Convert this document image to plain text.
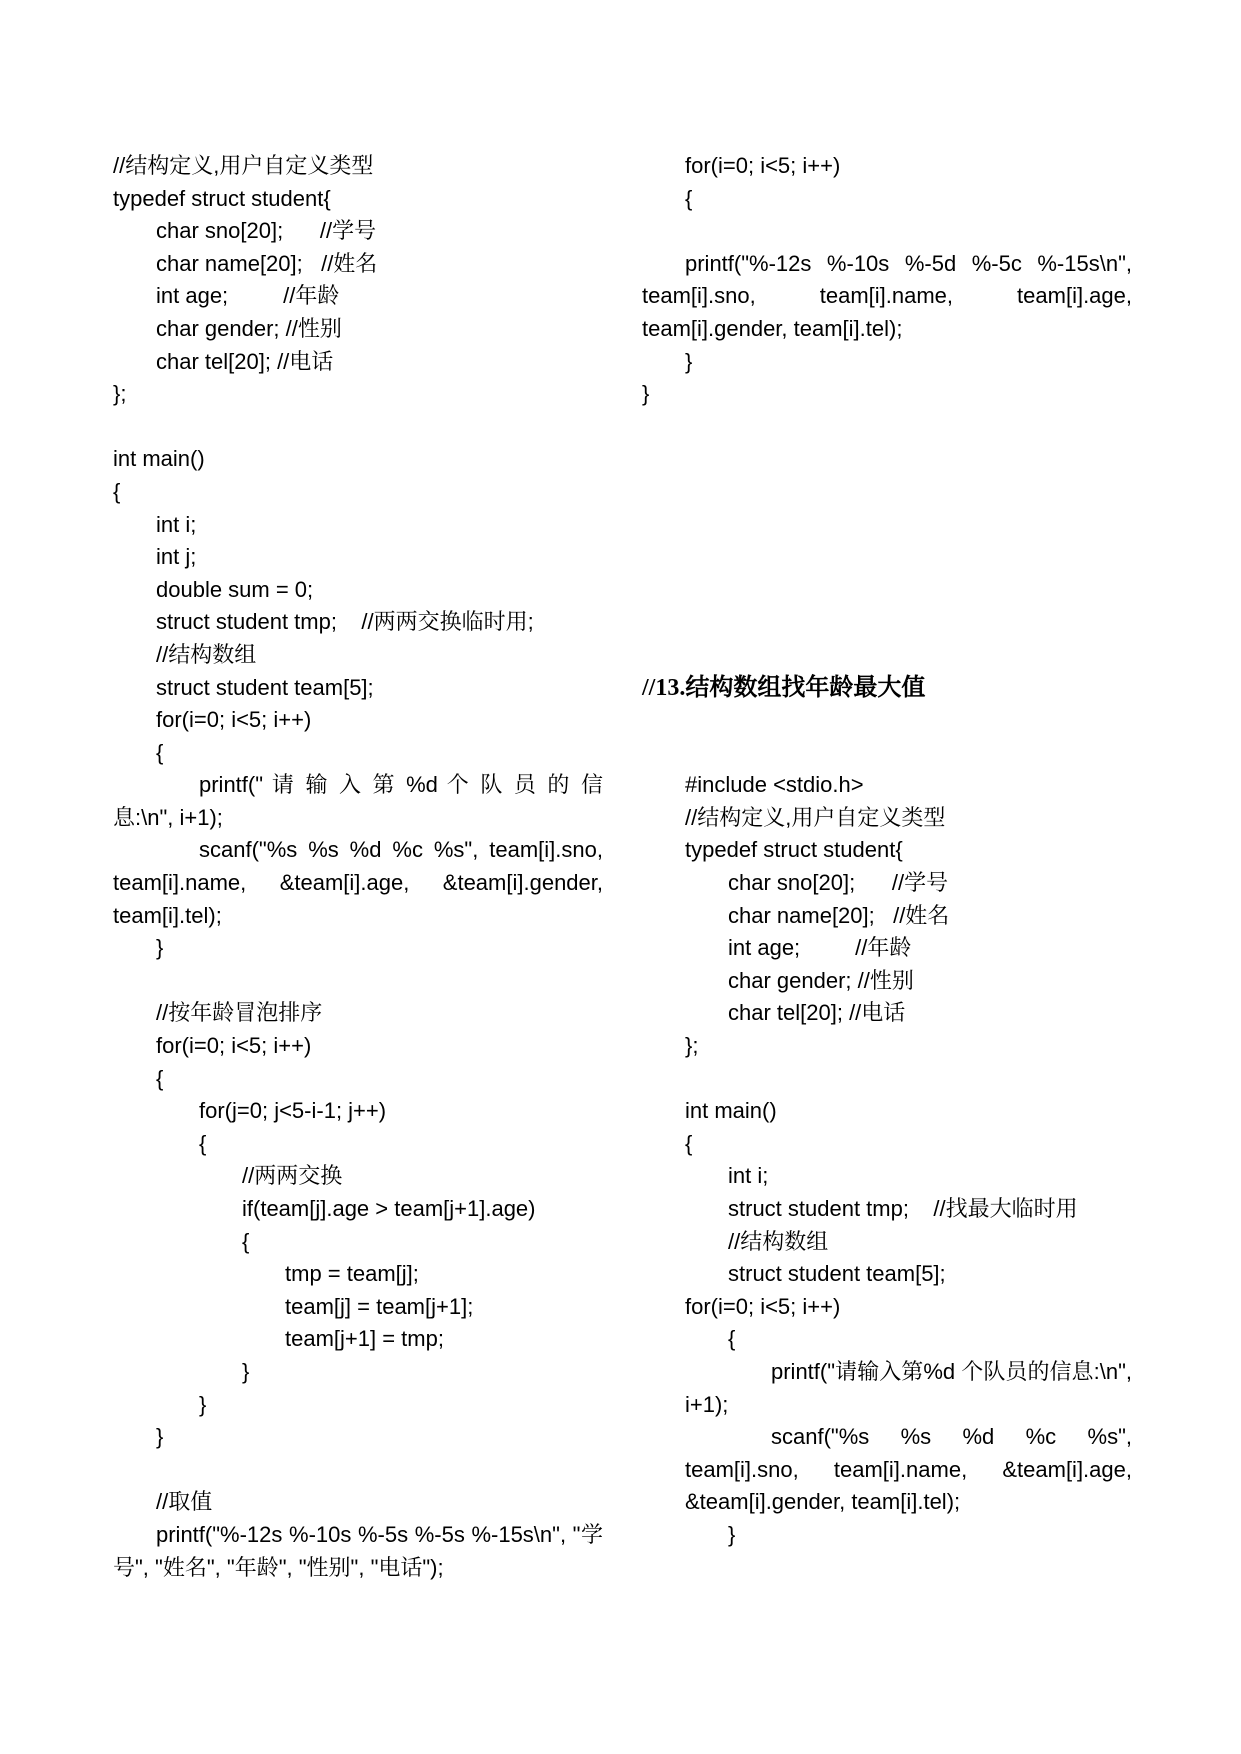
//结构定义,用户自定义类型
typedef struct student{
char sno[20];      //学号
char name[20];   //姓名
int age;         //年龄
char gender; //性别
char tel[20]; //电话
};
int main()
{
int i;
int j;
double sum = 0;
struct student tmp;    //两两交换临时用;
//结构数组
struct student team[5];
for(i=0; i<5; i++)
{
printf(" 请 输 入 第 %d 个 队 员 的 信息:\n", i+1);
scanf("%s %s %d %c %s", team[i].sno, team[i].name, &team[i].age, &team[i].gender, team[i].tel);
}
//按年龄冒泡排序
for(i=0; i<5; i++)
{
for(j=0; j<5-i-1; j++)
{
//两两交换
if(team[j].age > team[j+1].age)
{
tmp = team[j];
team[j] = team[j+1];
team[j+1] = tmp;
}
}
}
//取值
printf("%-12s %-10s %-5s %-5s %-15s\n", "学号", "姓名", "年龄", "性别", "电话");
for(i=0; i<5; i++)
{
printf("%-12s %-10s %-5d %-5c %-15s\n", team[i].sno, team[i].name, team[i].age, team[i].gender, team[i].tel);
}
}
//13.结构数组找年龄最大值
#include <stdio.h>
//结构定义,用户自定义类型
typedef struct student{
char sno[20];      //学号
char name[20];   //姓名
int age;         //年龄
char gender; //性别
char tel[20]; //电话
};
int main()
{
int i;
struct student tmp;    //找最大临时用
//结构数组
struct student team[5];
for(i=0; i<5; i++)
{
printf("请输入第%d 个队员的信息:\n", i+1);
scanf("%s %s %d %c %s", team[i].sno, team[i].name, &team[i].age, &team[i].gender, team[i].tel);
}
